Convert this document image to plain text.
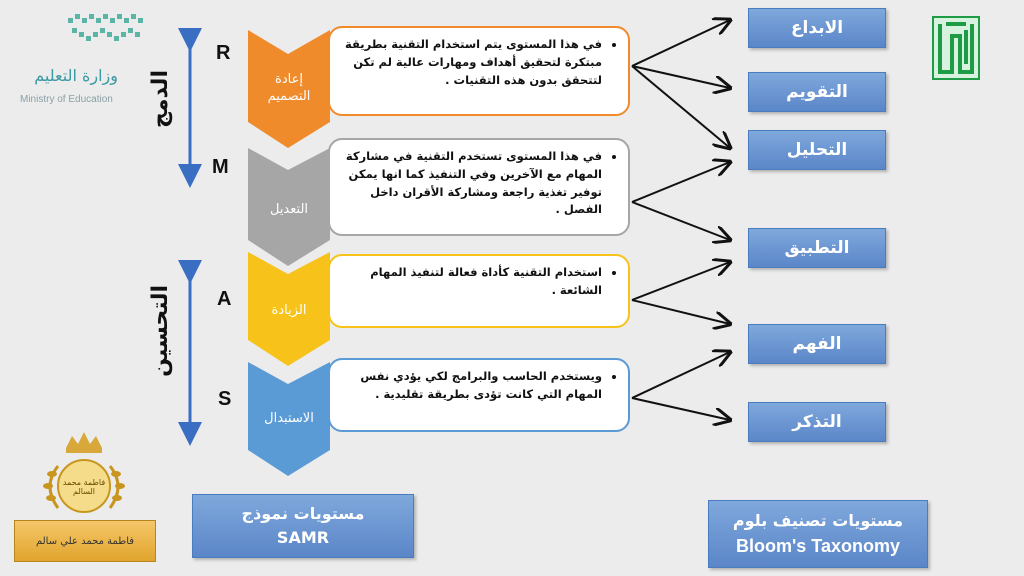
وزارة التعليم
Ministry of Education الدمج
التحسين
R
M
A
S
إعادة
التصميم
التعديل
الزيادة
الاستبدال
• في هذا المستوى يتم استخدام التقنية بطريقة مبتكرة لتحقيق أهداف ومهارات عالية لم تكن لتتحقق بدون هذه التقنيات .
• في هذا المستوى تستخدم التقنية في مشاركة المهام مع الآخرين وفي التنفيذ كما انها يمكن توفير تغذية راجعة ومشاركة الأقران داخل الفصل .
• استخدام التقنية كأداة فعالة لتنفيذ المهام الشائعة .
• ويستخدم الحاسب والبرامج لكي يؤدي نفس المهام التي كانت تؤدى بطريقة تقليدية .
الابداع
التقويم
التحليل
التطبيق
الفهم
التذكر
مستويات نموذج
SAMR
مستويات تصنيف بلوم
Bloom's Taxonomy
فاطمة محمد السالم
فاطمة محمد علي سالم
